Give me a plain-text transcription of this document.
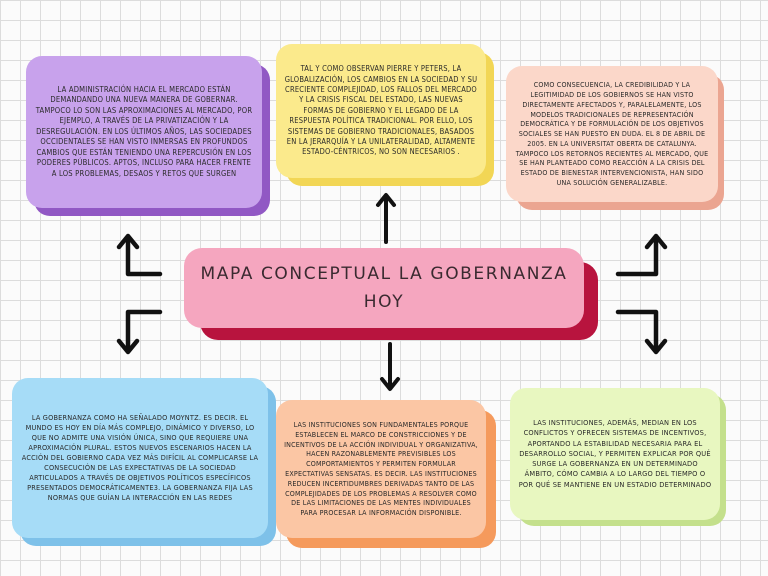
LA ADMINISTRACIÓN HACIA EL MERCADO ESTÁN DEMANDANDO UNA NUEVA MANERA DE GOBERNAR. TAMPOCO LO SON LAS APROXIMACIONES AL MERCADO, POR EJEMPLO, A TRAVÉS DE LA PRIVATIZACIÓN Y LA DESREGULACIÓN. EN LOS ÚLTIMOS AÑOS, LAS SOCIEDADES OCCIDENTALES SE HAN VISTO INMERSAS EN PROFUNDOS CAMBIOS QUE ESTÁN TENIENDO UNA REPERCUSIÓN EN LOS PODERES PÚBLICOS. APTOS, INCLUSO PARA HACER FRENTE A LOS PROBLEMAS, DESAOS Y RETOS QUE SURGEN
TAL Y COMO OBSERVAN PIERRE Y PETERS, LA GLOBALIZACIÓN, LOS CAMBIOS EN LA SOCIEDAD Y SU CRECIENTE COMPLEJIDAD, LOS FALLOS DEL MERCADO Y LA CRISIS FISCAL DEL ESTADO, LAS NUEVAS FORMAS DE GOBIERNO Y EL LEGADO DE LA RESPUESTA POLÍTICA TRADICIONAL. POR ELLO, LOS SISTEMAS DE GOBIERNO TRADICIONALES, BASADOS EN LA JERARQUÍA Y LA UNILATERALIDAD, ALTAMENTE ESTADO-CÉNTRICOS, NO SON NECESARIOS .
COMO CONSECUENCIA, LA CREDIBILIDAD Y LA LEGITIMIDAD DE LOS GOBIERNOS SE HAN VISTO DIRECTAMENTE AFECTADOS Y, PARALELAMENTE, LOS MODELOS TRADICIONALES DE REPRESENTACIÓN DEMOCRÁTICA Y DE FORMULACIÓN DE LOS OBJETIVOS SOCIALES SE HAN PUESTO EN DUDA. EL 8 DE ABRIL DE 2005. EN LA UNIVERSITAT OBERTA DE CATALUNYA. TAMPOCO LOS RETORNOS RECIENTES AL MERCADO, QUE SE HAN PLANTEADO COMO REACCIÓN A LA CRISIS DEL ESTADO DE BIENESTAR INTERVENCIONISTA, HAN SIDO UNA SOLUCIÓN GENERALIZABLE.
MAPA CONCEPTUAL LA GOBERNANZA
HOY
LA GOBERNANZA COMO HA SEÑALADO MOYNTZ. ES DECIR. EL MUNDO ES HOY EN DÍA MÁS COMPLEJO, DINÁMICO Y DIVERSO, LO QUE NO ADMITE UNA VISIÓN ÚNICA, SINO QUE REQUIERE UNA APROXIMACIÓN PLURAL. ESTOS NUEVOS ESCENARIOS HACEN LA ACCIÓN DEL GOBIERNO CADA VEZ MÁS DIFÍCIL AL COMPLICARSE LA CONSECUCIÓN DE LAS EXPECTATIVAS DE LA SOCIEDAD ARTICULADOS A TRAVÉS DE OBJETIVOS POLÍTICOS ESPECÍFICOS PRESENTADOS DEMOCRÁTICAMENTE3. LA GOBERNANZA FIJA LAS NORMAS QUE GUÍAN LA INTERACCIÓN EN LAS REDES
LAS INSTITUCIONES SON FUNDAMENTALES PORQUE ESTABLECEN EL MARCO DE CONSTRICCIONES Y DE INCENTIVOS DE LA ACCIÓN INDIVIDUAL Y ORGANIZATIVA, HACEN RAZONABLEMENTE PREVISIBLES LOS COMPORTAMIENTOS Y PERMITEN FORMULAR EXPECTATIVAS SENSATAS. ES DECIR. LAS INSTITUCIONES REDUCEN INCERTIDUMBRES DERIVADAS TANTO DE LAS COMPLEJIDADES DE LOS PROBLEMAS A RESOLVER COMO DE LAS LIMITACIONES DE LAS MENTES INDIVIDUALES PARA PROCESAR LA INFORMACIÓN DISPONIBLE.
LAS INSTITUCIONES, ADEMÁS, MEDIAN EN LOS CONFLICTOS Y OFRECEN SISTEMAS DE INCENTIVOS, APORTANDO LA ESTABILIDAD NECESARIA PARA EL DESARROLLO SOCIAL, Y PERMITEN EXPLICAR POR QUÉ SURGE LA GOBERNANZA EN UN DETERMINADO ÁMBITO, CÓMO CAMBIA A LO LARGO DEL TIEMPO O POR QUÉ SE MANTIENE EN UN ESTADIO DETERMINADO
